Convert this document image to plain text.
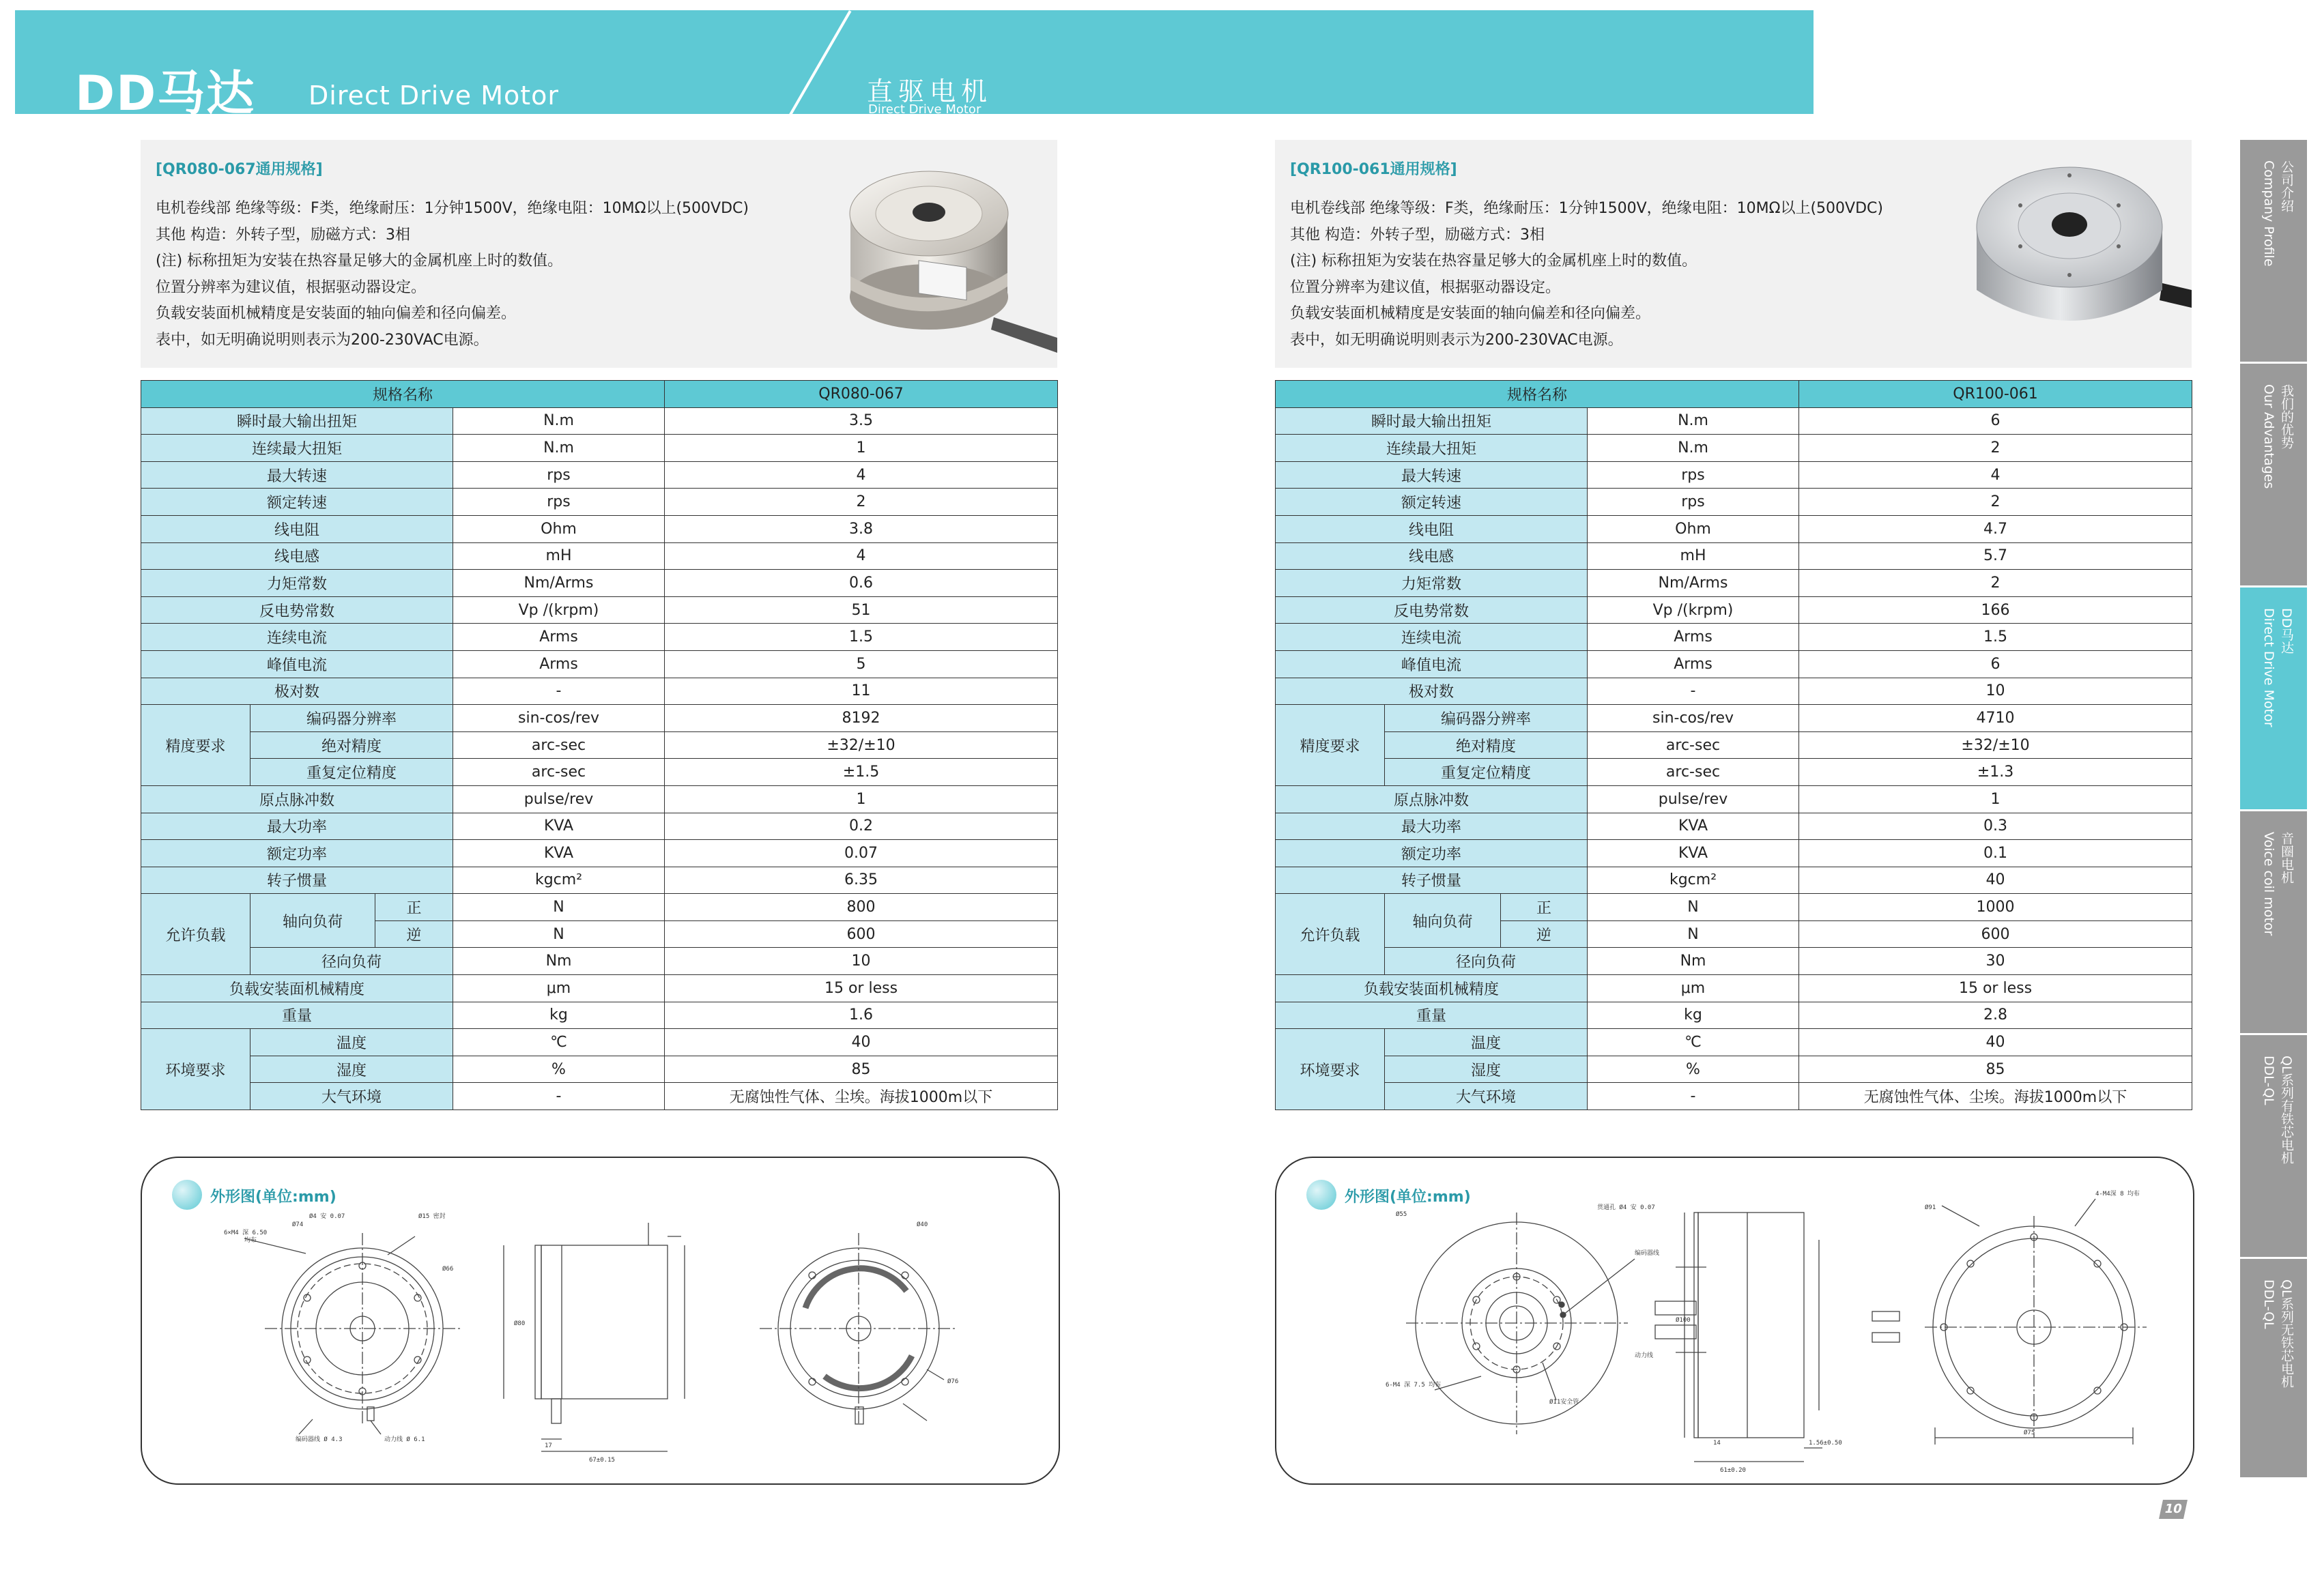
DD马达 Direct Drive Motor	直驱电机
Direct Drive Motor
[QR080-067通用规格]
电机卷线部 绝缘等级：F类，绝缘耐压：1分钟1500V，绝缘电阻：10MΩ以上(500VDC)
其他 构造：外转子型，励磁方式：3相
(注) 标称扭矩为安装在热容量足够大的金属机座上时的数值。
位置分辨率为建议值，根据驱动器设定。
负载安装面机械精度是安装面的轴向偏差和径向偏差。
表中，如无明确说明则表示为200-230VAC电源。
[QR100-061通用规格]
电机卷线部 绝缘等级：F类，绝缘耐压：1分钟1500V，绝缘电阻：10MΩ以上(500VDC)
其他 构造：外转子型，励磁方式：3相
(注) 标称扭矩为安装在热容量足够大的金属机座上时的数值。
位置分辨率为建议值，根据驱动器设定。
负载安装面机械精度是安装面的轴向偏差和径向偏差。
表中，如无明确说明则表示为200-230VAC电源。
规格名称				QR080-067
瞬时最大输出扭矩			N.m	3.5
连续最大扭矩			N.m	1
最大转速			rps	4
额定转速			rps	2
线电阻			Ohm	3.8
线电感			mH	4
力矩常数			Nm/Arms	0.6
反电势常数			Vp /(krpm)	51
连续电流			Arms	1.5
峰值电流			Arms	5
极对数			-	11
精度要求	编码器分辨率		sin-cos/rev	8192
	绝对精度		arc-sec	±32/±10
	重复定位精度		arc-sec	±1.5
原点脉冲数			pulse/rev	1
最大功率			KVA	0.2
额定功率			KVA	0.07
转子惯量			kgcm²	6.35
允许负载	轴向负荷	正	N	800
		逆	N	600
	径向负荷		Nm	10
负载安装面机械精度			μm	15 or less
重量			kg	1.6
环境要求	温度		℃	40
	湿度		%	85
	大气环境		-	无腐蚀性气体、尘埃。海拔1000m以下
规格名称				QR100-061
瞬时最大输出扭矩			N.m	6
连续最大扭矩			N.m	2
最大转速			rps	4
额定转速			rps	2
线电阻			Ohm	4.7
线电感			mH	5.7
力矩常数			Nm/Arms	2
反电势常数			Vp /(krpm)	166
连续电流			Arms	1.5
峰值电流			Arms	6
极对数			-	10
精度要求	编码器分辨率		sin-cos/rev	4710
	绝对精度		arc-sec	±32/±10
	重复定位精度		arc-sec	±1.3
原点脉冲数			pulse/rev	1
最大功率			KVA	0.3
额定功率			KVA	0.1
转子惯量			kgcm²	40
允许负载	轴向负荷	正	N	1000
		逆	N	600
	径向负荷		Nm	30
负载安装面机械精度			μm	15 or less
重量			kg	2.8
环境要求	温度		℃	40
	湿度		%	85
	大气环境		-	无腐蚀性气体、尘埃。海拔1000m以下
Ø4 安 0.07
Ø74
Ø15 密封
6×M4 深 6.50
均布
Ø66
Ø80
Ø40
Ø76
编码器线 Ø 4.3	动力线 Ø 6.1
67±0.15
17
外形图(单位:mm)
Ø55
贯通孔 Ø4 安 0.07	Ø91
4-M4深 8 均布
Ø100
编码器线
动力线
6-M4 深 7.5 均布
Ø11安全管
61±0.20
1.56±0.50
Ø75
14
外形图(单位:mm)
公司介绍
Company Profile
我们的优势
Our Advantages
DD马达
Direct Drive Motor
音圈电机
Voice coil motor
QL系列有铁芯电机
DDL-QL
QL系列无铁芯电机
DDL-QL
10
